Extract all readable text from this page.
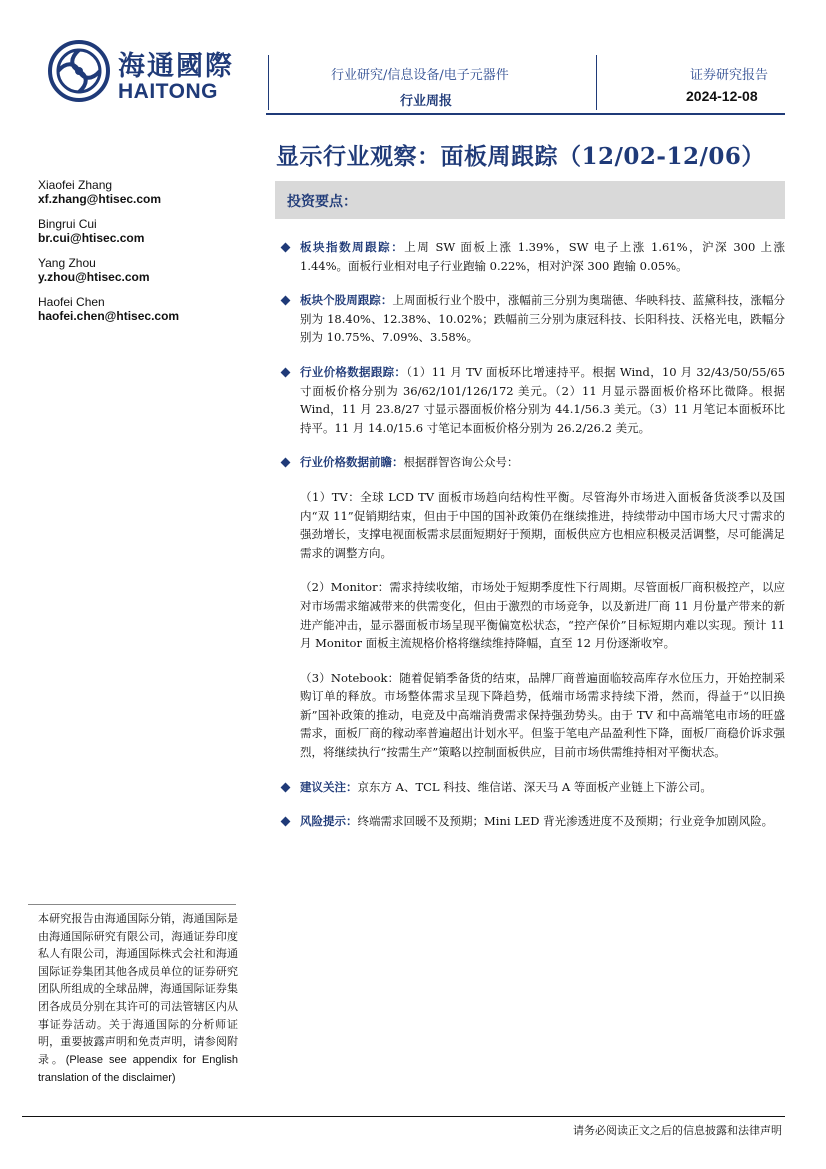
海通國際
HAITONG
行业研究/信息设备/电子元器件
行业周报
证券研究报告
2024-12-08
显示行业观察：面板周跟踪（12/02-12/06）
Xiaofei Zhang
xf.zhang@htisec.com
Bingrui Cui
br.cui@htisec.com
Yang Zhou
y.zhou@htisec.com
Haofei Chen
haofei.chen@htisec.com
投资要点：

板块指数周跟踪：上周 SW 面板上涨 1.39%，SW 电子上涨 1.61%，沪深 300 上涨 1.44%。面板行业相对电子行业跑输 0.22%，相对沪深 300 跑输 0.05%。

板块个股周跟踪：上周面板行业个股中，涨幅前三分别为奥瑞德、华映科技、蓝黛科技，涨幅分别为 18.40%、12.38%、10.02%；跌幅前三分别为康冠科技、长阳科技、沃格光电，跌幅分别为 10.75%、7.09%、3.58%。

行业价格数据跟踪：（1）11 月 TV 面板环比增速持平。根据 Wind，10 月 32/43/50/55/65 寸面板价格分别为 36/62/101/126/172 美元。（2）11 月显示器面板价格环比微降。根据 Wind，11 月 23.8/27 寸显示器面板价格分别为 44.1/56.3 美元。（3）11 月笔记本面板环比持平。11 月 14.0/15.6 寸笔记本面板价格分别为 26.2/26.2 美元。

行业价格数据前瞻：根据群智咨询公众号：

（1）TV：全球 LCD TV 面板市场趋向结构性平衡。尽管海外市场进入面板备货淡季以及国内“双 11”促销期结束，但由于中国的国补政策仍在继续推进，持续带动中国市场大尺寸需求的强劲增长，支撑电视面板需求层面短期好于预期，面板供应方也相应积极灵活调整，尽可能满足需求的调整方向。

（2）Monitor：需求持续收缩，市场处于短期季度性下行周期。尽管面板厂商积极控产，以应对市场需求缩减带来的供需变化，但由于激烈的市场竞争，以及新进厂商 11 月份量产带来的新进产能冲击，显示器面板市场呈现平衡偏宽松状态，“控产保价”目标短期内难以实现。预计 11 月 Monitor 面板主流规格价格将继续维持降幅，直至 12 月份逐渐收窄。

（3）Notebook：随着促销季备货的结束，品牌厂商普遍面临较高库存水位压力，开始控制采购订单的释放。市场整体需求呈现下降趋势，低端市场需求持续下滑，然而，得益于“以旧换新”国补政策的推动，电竞及中高端消费需求保持强劲势头。由于 TV 和中高端笔电市场的旺盛需求，面板厂商的稼动率普遍超出计划水平。但鉴于笔电产品盈利性下降，面板厂商稳价诉求强烈，将继续执行“按需生产”策略以控制面板供应，目前市场供需维持相对平衡状态。

建议关注：京东方 A、TCL 科技、维信诺、深天马 A 等面板产业链上下游公司。

风险提示：终端需求回暖不及预期；Mini LED 背光渗透进度不及预期；行业竞争加剧风险。

本研究报告由海通国际分销，海通国际是由海通国际研究有限公司，海通证券印度私人有限公司，海通国际株式会社和海通国际证券集团其他各成员单位的证券研究团队所组成的全球品牌，海通国际证券集团各成员分别在其许可的司法管辖区内从事证券活动。关于海通国际的分析师证明，重要披露声明和免责声明，请参阅附录。(Please see appendix for English translation of the disclaimer)
请务必阅读正文之后的信息披露和法律声明
